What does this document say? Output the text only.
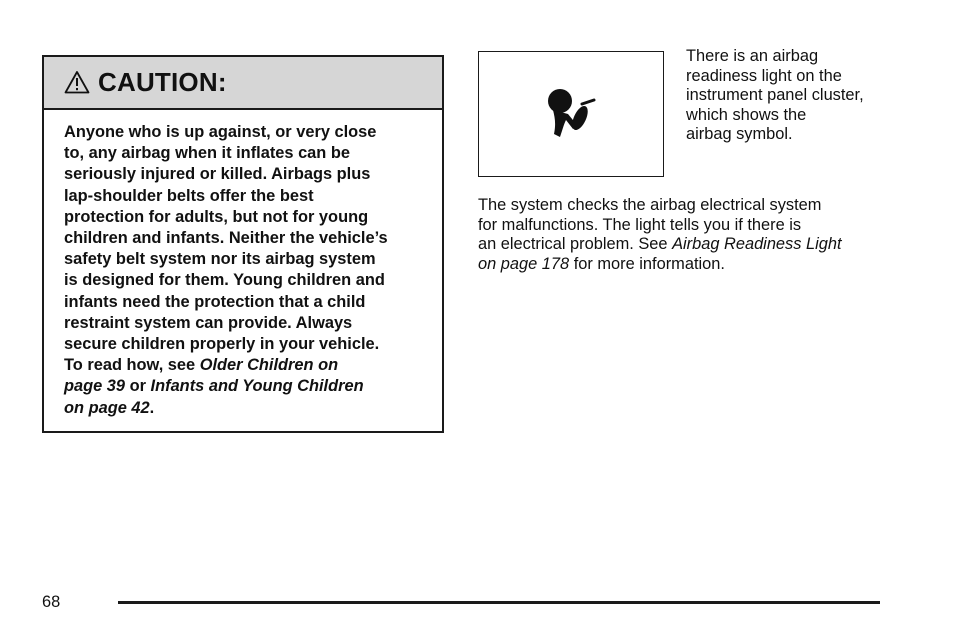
CAUTION:

Anyone who is up against, or very close

to, any airbag when it inflates can be

seriously injured or killed. Airbags plus

lap-shoulder belts offer the best

protection for adults, but not for young

children and infants. Neither the vehicle’s

safety belt system nor its airbag system

is designed for them. Young children and

infants need the protection that a child

restraint system can provide. Always

secure children properly in your vehicle.

To read how, see Older Children on

page 39 or Infants and Young Children

on page 42.

There is an airbag

readiness light on the

instrument panel cluster,

which shows the

airbag symbol.

The system checks the airbag electrical system

for malfunctions. The light tells you if there is

an electrical problem. See Airbag Readiness Light

on page 178 for more information.

68
